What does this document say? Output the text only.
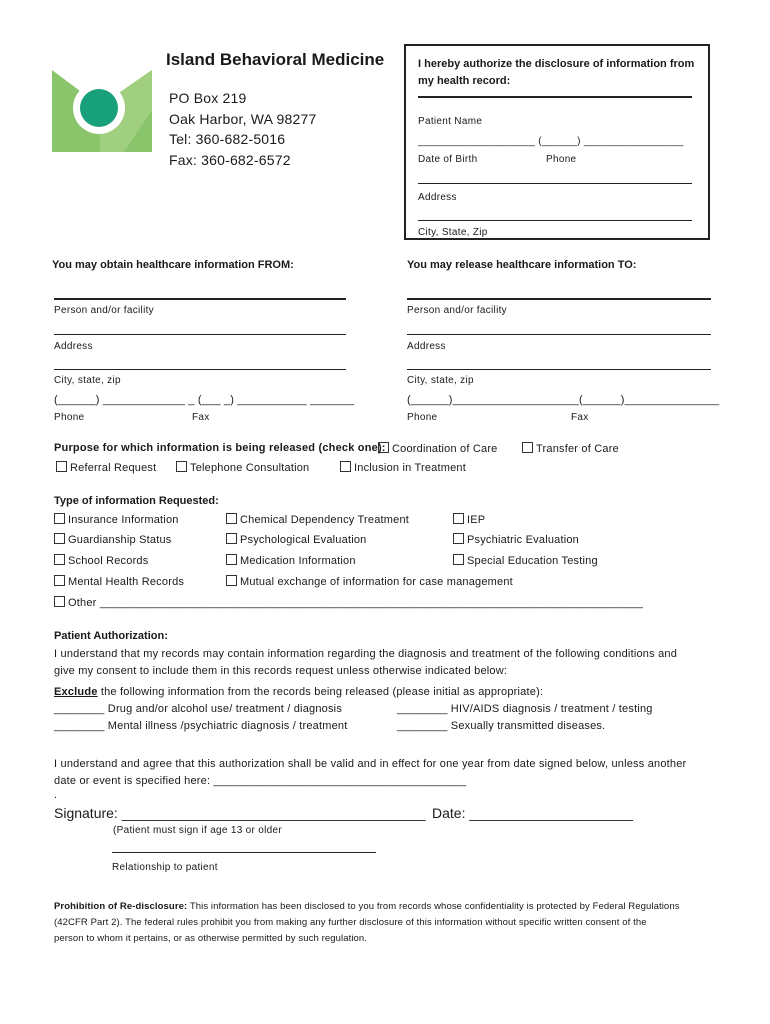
Island Behavioral Medicine
PO Box 219
Oak Harbor, WA 98277
Tel: 360-682-5016
Fax: 360-682-6572
I hereby authorize the disclosure of information from my health record:
Patient Name
____________________ (______) _________________
Date of Birth	Phone
Address
City, State, Zip
You may obtain healthcare information FROM:
Person and/or facility
Address
City, state, zip
(______) _____________ _ (___ _) ___________ _______
Phone	Fax
You may release healthcare information TO:
Person and/or facility
Address
City, state, zip
(______)____________________(______)_______________
Phone	Fax
Purpose for which information is being released (check one): Coordination of Care	Transfer of Care
Referral Request	Telephone Consultation	Inclusion in Treatment
Type of information Requested:
Insurance Information	Chemical Dependency Treatment	IEP
Guardianship Status	Psychological Evaluation	Psychiatric Evaluation
School Records	Medication Information	Special Education Testing
Mental Health Records	Mutual exchange of information for case management
Other ______________________________________________________________________________________
Patient Authorization:
I understand that my records may contain information regarding the diagnosis and treatment of the following conditions and
give my consent to include them in this records request unless otherwise indicated below:
Exclude the following information from the records being released (please initial as appropriate):
________ Drug and/or alcohol use/ treatment / diagnosis	________ HIV/AIDS diagnosis / treatment / testing
________ Mental illness /psychiatric diagnosis / treatment	________ Sexually transmitted diseases.
I understand and agree that this authorization shall be valid and in effect for one year from date signed below, unless another
date or event is specified here: ________________________________________
.
Signature: _______________________________________ Date: _____________________
(Patient must sign if age 13 or older
Relationship to patient
Prohibition of Re-disclosure: This information has been disclosed to you from records whose confidentiality is protected by Federal Regulations
(42CFR Part 2). The federal rules prohibit you from making any further disclosure of this information without specific written consent of the
person to whom it pertains, or as otherwise permitted by such regulation.
